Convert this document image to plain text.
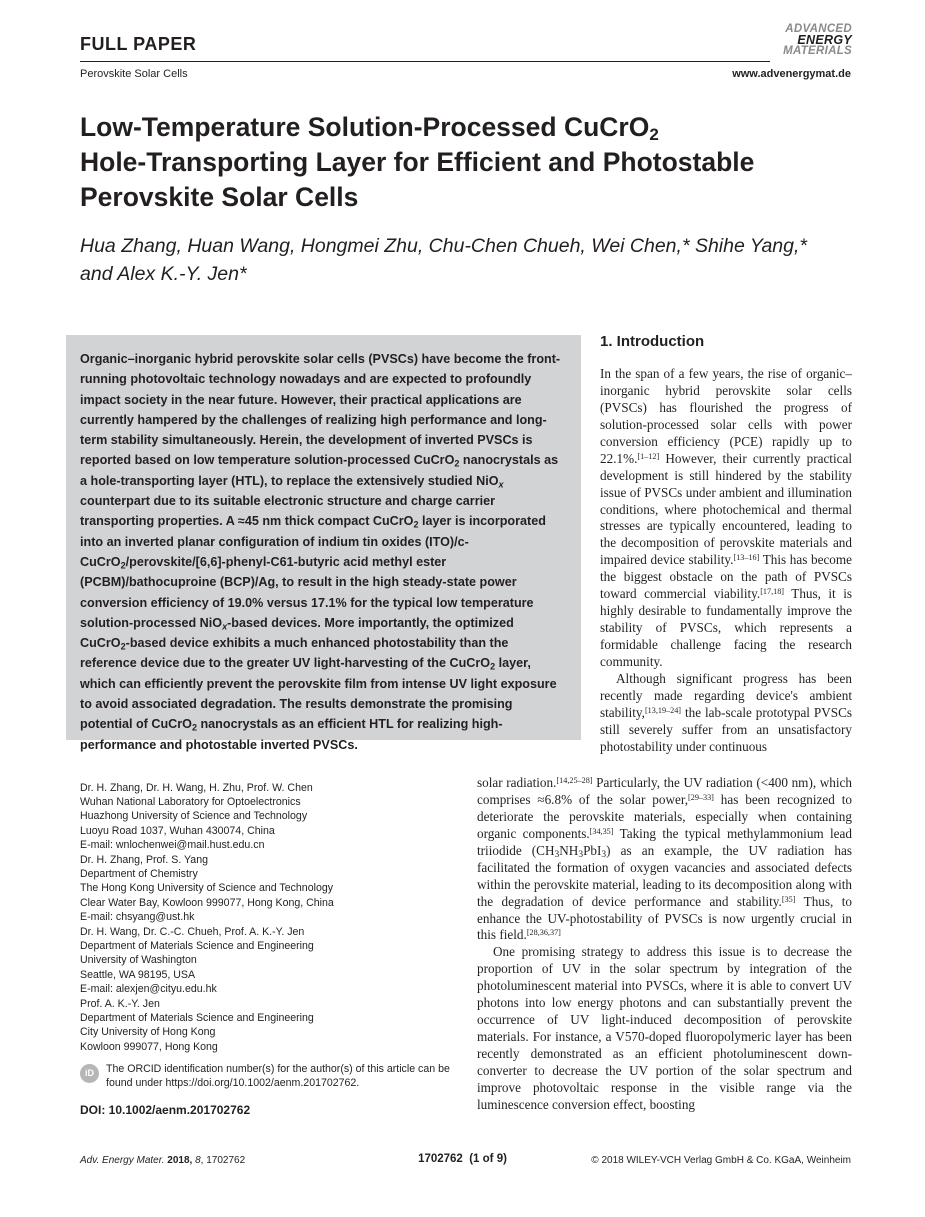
FULL PAPER
ADVANCED
ENERGY
MATERIALS
Perovskite Solar Cells	www.advenergymat.de
Low-Temperature Solution-Processed CuCrO$_2$
Hole-Transporting Layer for Efficient and Photostable
Perovskite Solar Cells
Hua Zhang, Huan Wang, Hongmei Zhu, Chu-Chen Chueh, Wei Chen,* Shihe Yang,*
and Alex K.-Y. Jen*
Organic–inorganic hybrid perovskite solar cells (PVSCs) have become the front-running photovoltaic technology nowadays and are expected to profoundly impact society in the near future. However, their practical applications are currently hampered by the challenges of realizing high performance and long-term stability simultaneously. Herein, the development of inverted PVSCs is reported based on low temperature solution-processed CuCrO$_2$ nanocrystals as a hole-transporting layer (HTL), to replace the extensively studied NiO$_x$ counterpart due to its suitable electronic structure and charge carrier transporting properties. A ≈45 nm thick compact CuCrO$_2$ layer is incorporated into an inverted planar configuration of indium tin oxides (ITO)/c-CuCrO$_2$/perovskite/[6,6]-phenyl-C61-butyric acid methyl ester (PCBM)/bathocuproine (BCP)/Ag, to result in the high steady-state power conversion efficiency of 19.0% versus 17.1% for the typical low temperature solution-processed NiO$_x$-based devices. More importantly, the optimized CuCrO$_2$-based device exhibits a much enhanced photostability than the reference device due to the greater UV light-harvesting of the CuCrO$_2$ layer, which can efficiently prevent the perovskite film from intense UV light exposure to avoid associated degradation. The results demonstrate the promising potential of CuCrO$_2$ nanocrystals as an efficient HTL for realizing high-performance and photostable inverted PVSCs.
1. Introduction

In the span of a few years, the rise of organic–inorganic hybrid perovskite solar cells (PVSCs) has flourished the progress of solution-processed solar cells with power conversion efficiency (PCE) rapidly up to 22.1%.[1–12] However, their currently practical development is still hindered by the stability issue of PVSCs under ambient and illumination conditions, where photochemical and thermal stresses are typically encountered, leading to the decomposition of perovskite materials and impaired device stability.[13–16] This has become the biggest obstacle on the path of PVSCs toward commercial viability.[17,18] Thus, it is highly desirable to fundamentally improve the stability of PVSCs, which represents a formidable challenge facing the research community.

Although significant progress has been recently made regarding device's ambient stability,[13,19–24] the lab-scale prototypal PVSCs still severely suffer from an unsatisfactory photostability under continuous

solar radiation.[14,25–28] Particularly, the UV radiation (<400 nm), which comprises ≈6.8% of the solar power,[29–33] has been recognized to deteriorate the perovskite materials, especially when containing organic components.[34,35] Taking the typical methylammonium lead triiodide $(CH_3NH_3PbI_3)$ as an example, the UV radiation has facilitated the formation of oxygen vacancies and associated defects within the perovskite material, leading to its decomposition along with the degradation of device performance and stability.[35] Thus, to enhance the UV-photostability of PVSCs is now urgently crucial in this field.[28,36,37]

One promising strategy to address this issue is to decrease the proportion of UV in the solar spectrum by integration of the photoluminescent material into PVSCs, where it is able to convert UV photons into low energy photons and can substantially prevent the occurrence of UV light-induced decomposition of perovskite materials. For instance, a V570-doped fluoropolymeric layer has been recently demonstrated as an efficient photoluminescent down-converter to decrease the UV portion of the solar spectrum and improve photovoltaic response in the visible range via the luminescence conversion effect, boosting

Dr. H. Zhang, Dr. H. Wang, H. Zhu, Prof. W. Chen
Wuhan National Laboratory for Optoelectronics
Huazhong University of Science and Technology
Luoyu Road 1037, Wuhan 430074, China
E-mail: wnlochenwei@mail.hust.edu.cn
Dr. H. Zhang, Prof. S. Yang
Department of Chemistry
The Hong Kong University of Science and Technology
Clear Water Bay, Kowloon 999077, Hong Kong, China
E-mail: chsyang@ust.hk
Dr. H. Wang, Dr. C.-C. Chueh, Prof. A. K.-Y. Jen
Department of Materials Science and Engineering
University of Washington
Seattle, WA 98195, USA
E-mail: alexjen@cityu.edu.hk
Prof. A. K.-Y. Jen
Department of Materials Science and Engineering
City University of Hong Kong
Kowloon 999077, Hong Kong
iD	The ORCID identification number(s) for the author(s) of this article can be found under https://doi.org/10.1002/aenm.201702762.
DOI: 10.1002/aenm.201702762
Adv. Energy Mater. 2018, 8, 1702762	1702762  (1 of 9)	© 2018 WILEY-VCH Verlag GmbH & Co. KGaA, Weinheim
